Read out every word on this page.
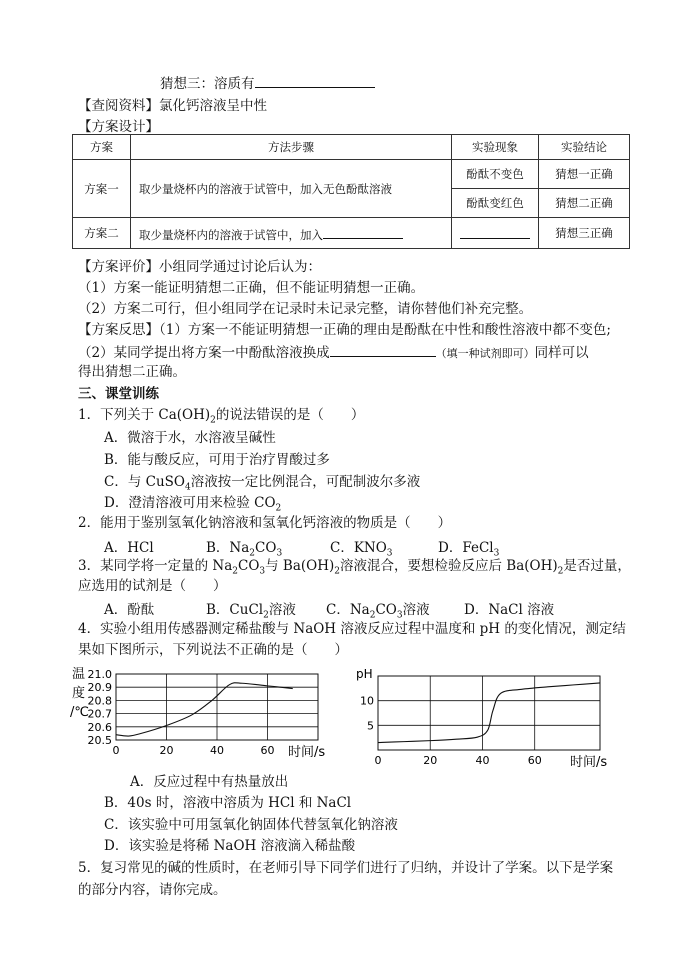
猜想三：溶质有
【查阅资料】氯化钙溶液呈中性
【方案设计】
方案	方法步骤	实验现象	实验结论
方案一	取少量烧杯内的溶液于试管中，加入无色酚酞溶液	酚酞不变色	猜想一正确
		酚酞变红色	猜想二正确
方案二	取少量烧杯内的溶液于试管中，加入		猜想三正确
【方案评价】小组同学通过讨论后认为：
（1）方案一能证明猜想二正确，但不能证明猜想一正确。
（2）方案二可行，但小组同学在记录时未记录完整，请你替他们补充完整。
【方案反思】（1）方案一不能证明猜想一正确的理由是酚酞在中性和酸性溶液中都不变色;
（2）某同学提出将方案一中酚酞溶液换成	（填一种试剂即可）同样可以
得出猜想二正确。
三、课堂训练
1．下列关于 $Ca(OH)_2$的说法错误的是（　　）
A．微溶于水，水溶液呈碱性
B．能与酸反应，可用于治疗胃酸过多
C．与 CuSO$_4$溶液按一定比例混合，可配制波尔多液
D．澄清溶液可用来检验 $CO_2$
2．能用于鉴别氢氧化钠溶液和氢氧化钙溶液的物质是（　　）
A．HCl	B．$Na_2CO_3$	C．$KNO_3$	D．FeCl$_3$
3．某同学将一定量的 $Na_2CO_3$与 $Ba(OH)_2$溶液混合，要想检验反应后 $Ba(OH)_2$是否过量，
应选用的试剂是（　　）
A．酚酞	B．CuCl$_2$溶液 C．$Na_2CO_3$溶液	D．NaCl 溶液
4．实验小组用传感器测定稀盐酸与 NaOH 溶液反应过程中温度和 pH 的变化情况，测定结
果如下图所示，下列说法不正确的是（　　）
温
度
/℃
20.5
20.6
20.7
20.8
20.9
21.0
0	20	40	60 时间/s
pH
5
10
0	20	40	60 时间/s
A．反应过程中有热量放出
B．40s 时，溶液中溶质为 HCl 和 NaCl
C．该实验中可用氢氧化钠固体代替氢氧化钠溶液
D．该实验是将稀 NaOH 溶液滴入稀盐酸
5．复习常见的碱的性质时，在老师引导下同学们进行了归纳，并设计了学案。以下是学案
的部分内容，请你完成。
